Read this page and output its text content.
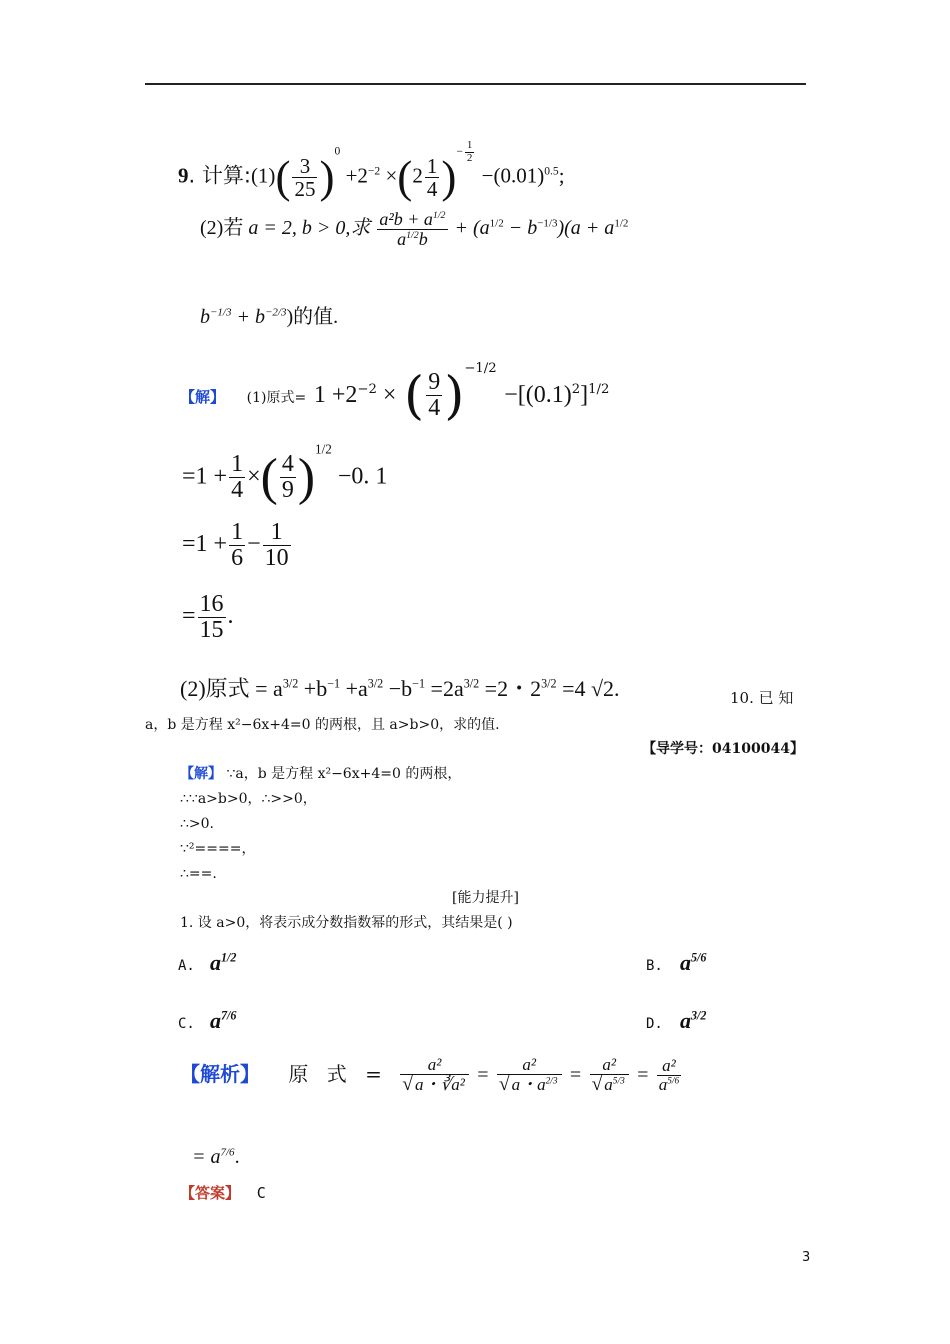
9. 计算:(1)( $\frac{3}{25} )^0 +2^{-2} \times(2 \frac{1}{4} )^{- \frac{1}{2}}$
$-(0.01)^{0.5}$;
(2)若 a = 2, b > 0,求 $\frac{a^2b + a^{1/2}}{a^{1/2}b} + (a^{1/2} - b^{-1/3})(a + a^{1/2}$
$b^{-1/3} + b^{-2/3}$)的值.
【解】 (1)原式= $1 +2^{-2}$ × ( $\frac{9}{4} )^{-1/2} -[(0.1)^2]^{1/2}$
$=1 + \frac{1}{4}$ ×( $\frac{4}{9} )^{1/2} -0$. 1
$=1 + \frac{1}{6} - \frac{1}{10}$
= $\frac{16}{15}$ .
(2)原式 = $a^{3/2} +b^{-1} +a^{3/2} -b^{-1} =2a^{3/2} =2$・$2^{3/2} =4$ √2.	10. 已 知
a，b 是方程 x²−6x+4=0 的两根，且 a>b>0，求的值.
【导学号：04100044】
【解】 ∵a，b 是方程 x²−6x+4=0 的两根，
∴∵a>b>0，∴>>0，
∴>0.
∵²====，
∴==.
[能力提升]
1. 设 a>0，将表示成分数指数幂的形式，其结果是( )
A. $a^{1/2}$
B. $a^{5/6}$
C. $a^{7/6}$
D. $a^{3/2}$
【解析】 原 式 = $\frac{\text{a²}}{\text{√ a・∛a²}} = \frac{\text{a²}}{√ a・a^{2/3}} = \frac{\text{a²}}{√ a^{5/3}} = \frac{\text{a²}}{a^{5/6}}$
= $a^{7/6}$.
【答案】 C
3
